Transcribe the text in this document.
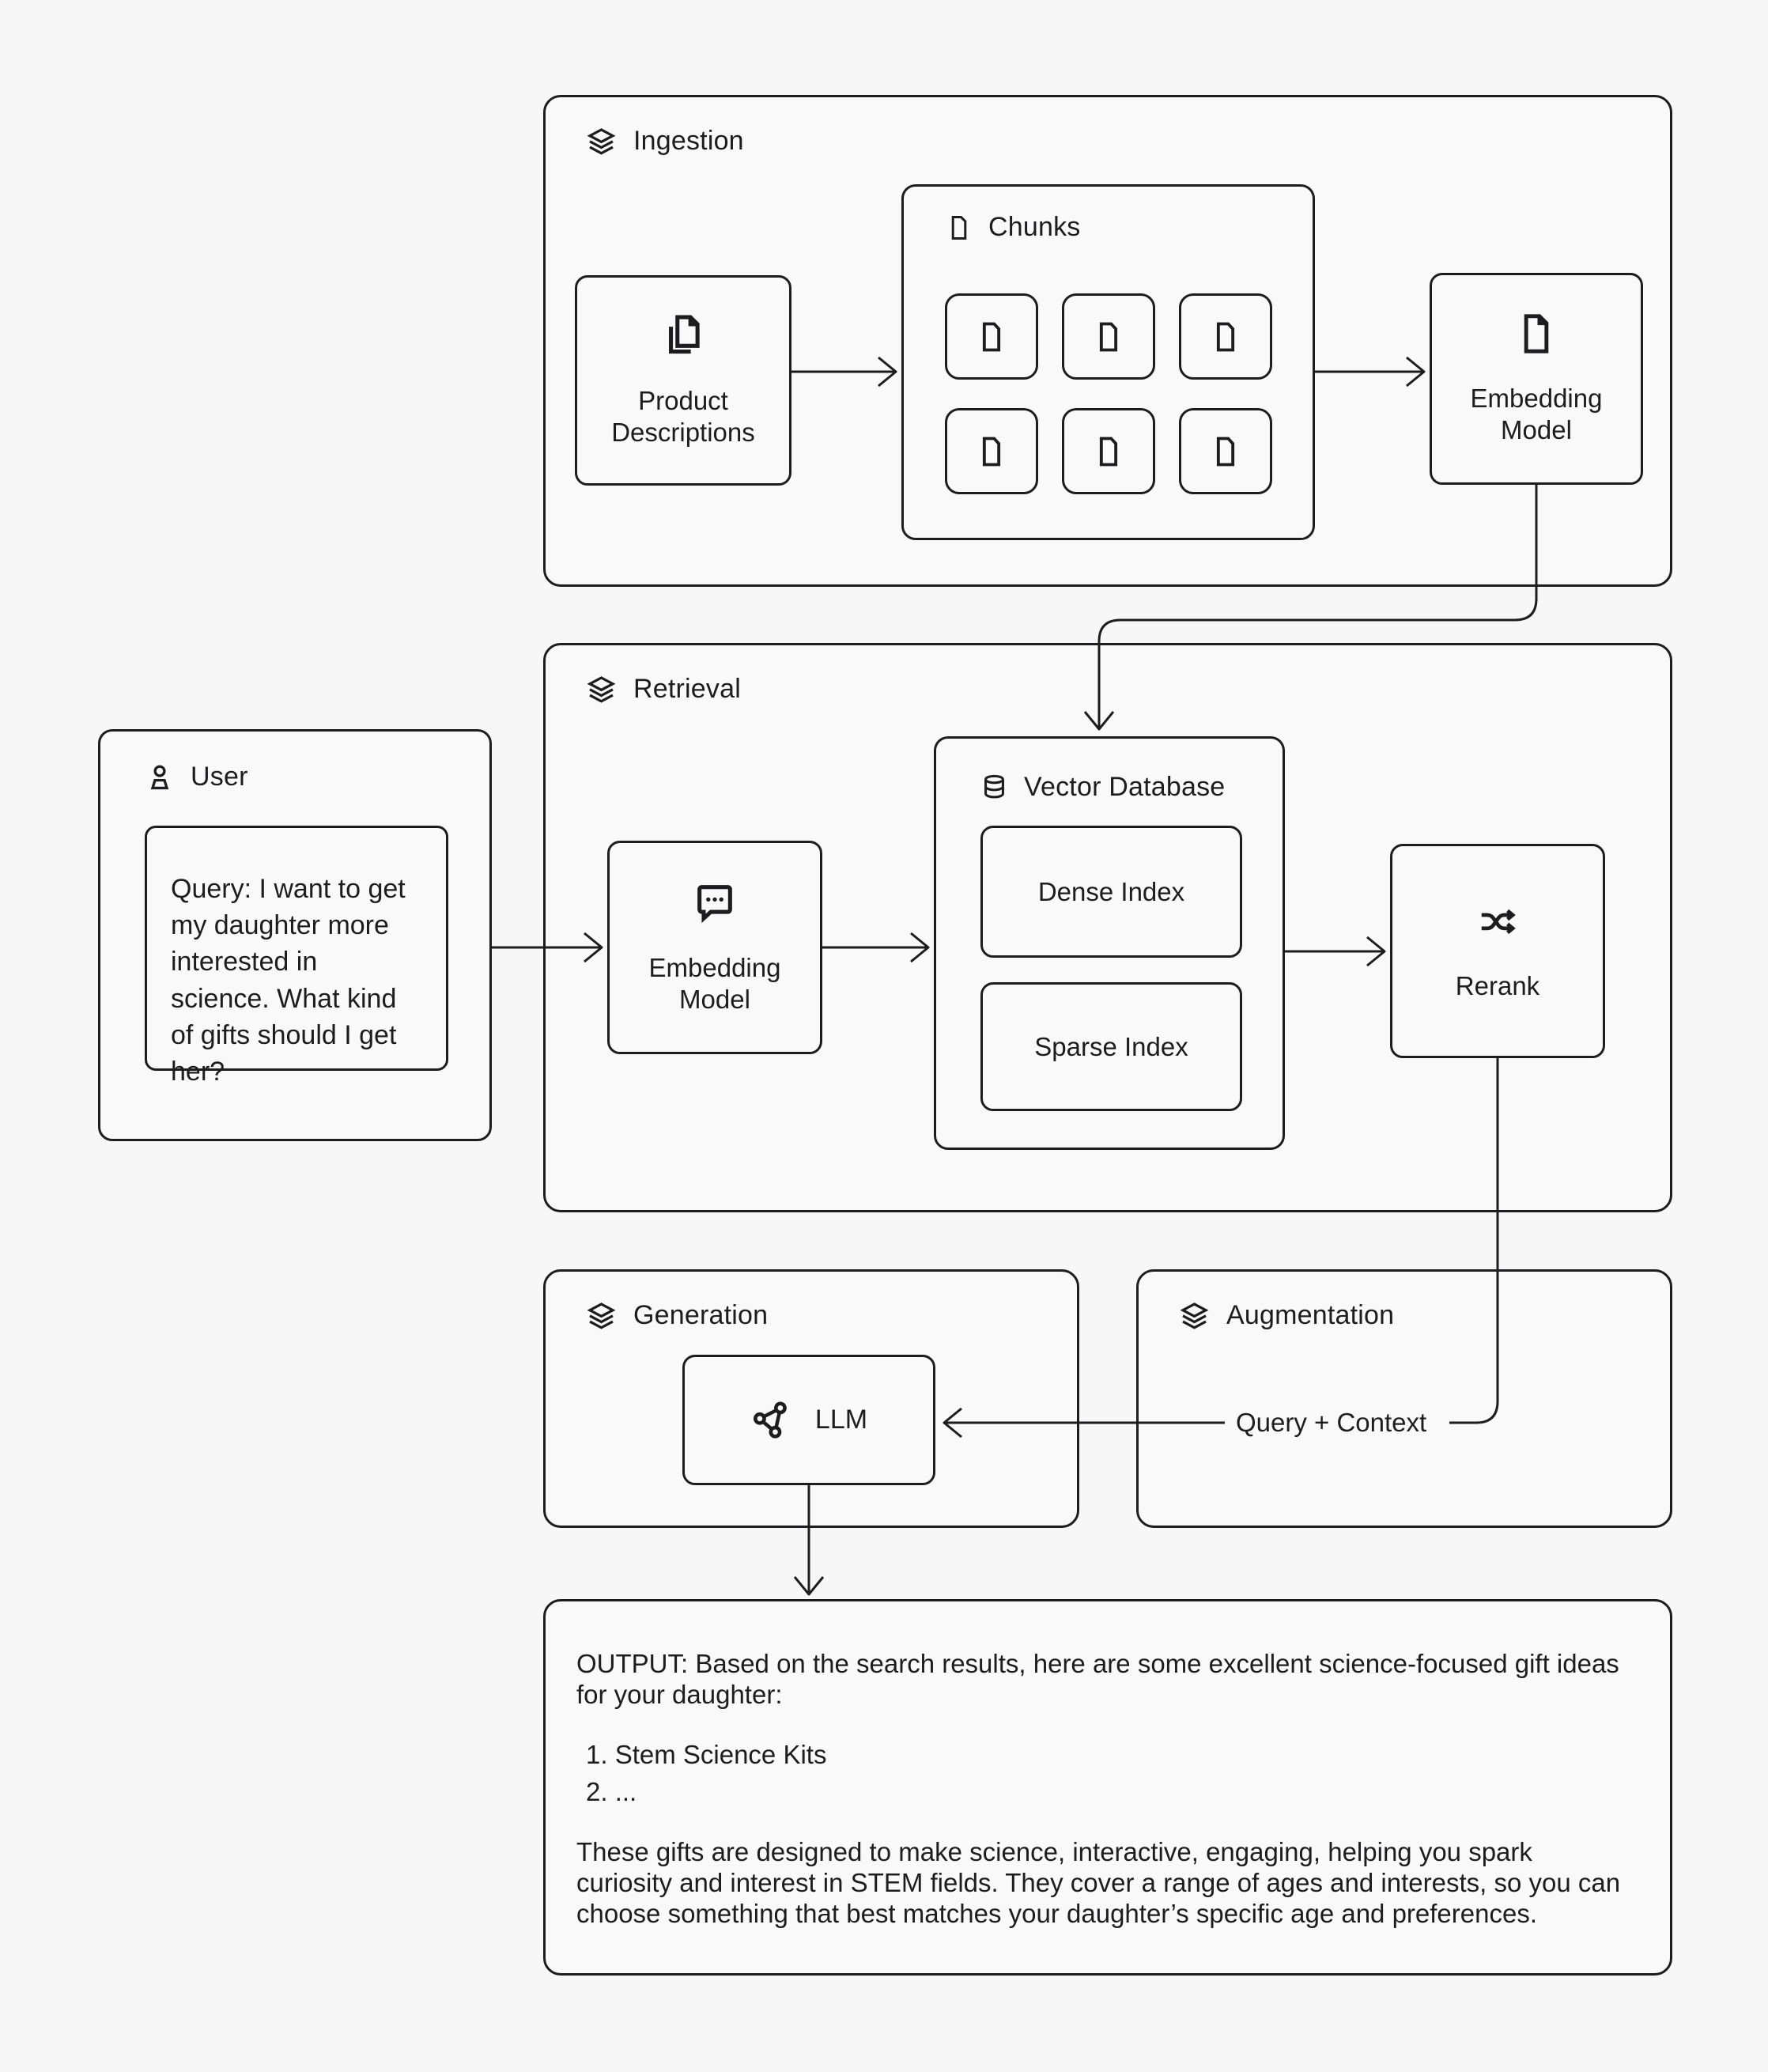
Ingestion
Product Descriptions
Chunks
Embedding Model
Retrieval
User
Query: I want to get my daughter more interested in science. What kind of gifts should I get her?
Embedding Model
Vector Database
Dense Index
Sparse Index
Rerank
Generation
LLM
Augmentation
Query + Context
OUTPUT: Based on the search results, here are some excellent science-focused gift ideas for your daughter:
1. Stem Science Kits
2. ...
These gifts are designed to make science, interactive, engaging, helping you spark curiosity and interest in STEM fields. They cover a range of ages and interests, so you can choose something that best matches your daughter’s specific age and preferences.
